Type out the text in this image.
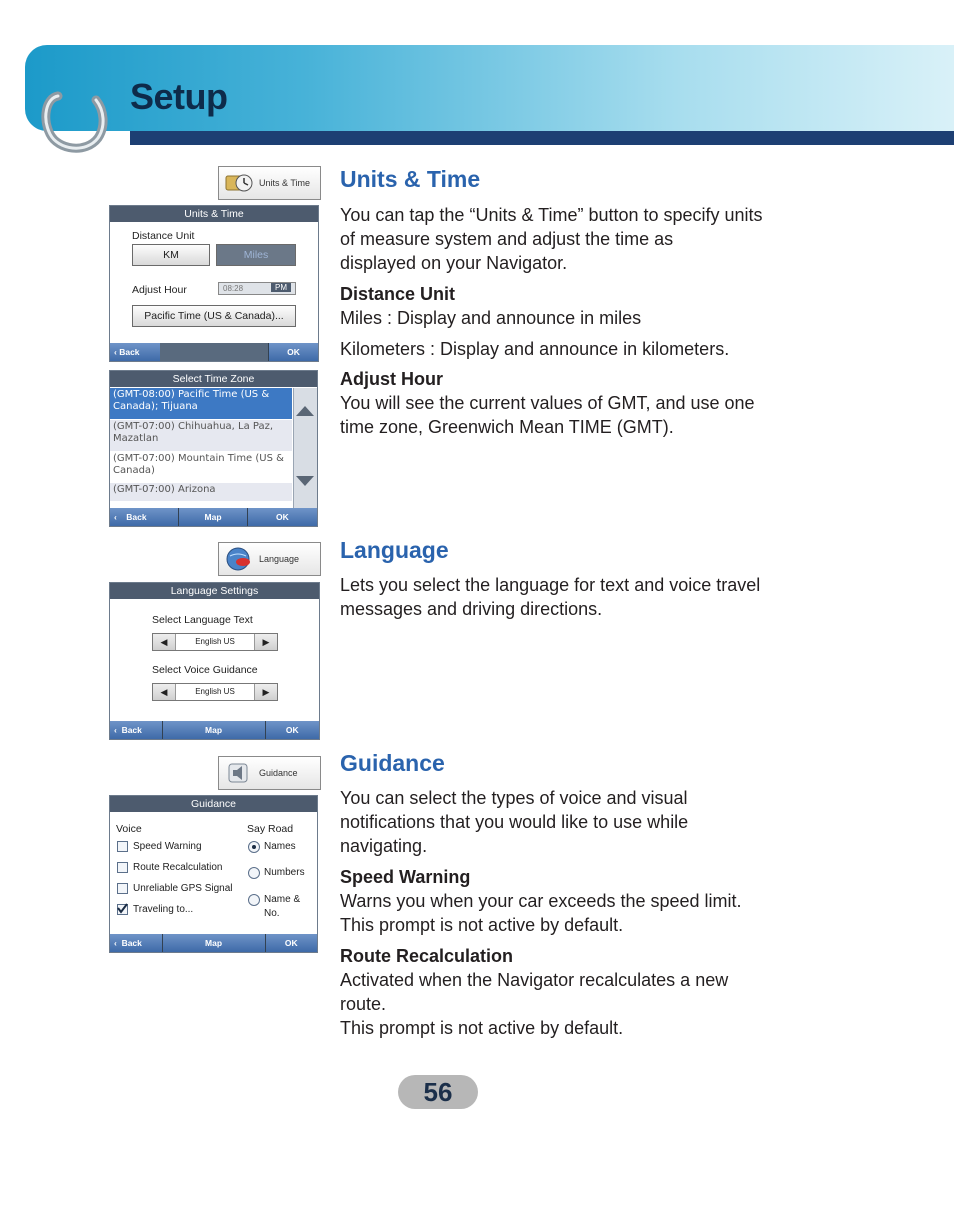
Setup
Units & Time Units & Time
You can tap the “Units & Time” button to specify units
of measure system and adjust the time as
displayed on your Navigator.
Distance Unit
Miles : Display and announce in miles
Kilometers : Display and announce in kilometers.
Adjust Hour
You will see the current values of GMT, and use one
time zone, Greenwich Mean TIME (GMT).
Units & Time
Distance Unit
KM	Miles
Adjust Hour	08:28	PM
Pacific Time (US & Canada)...
‹ Back	OK
Select Time Zone
(GMT-08:00) Pacific Time (US & Canada); Tijuana
(GMT-07:00) Chihuahua, La Paz, Mazatlan
(GMT-07:00) Mountain Time (US & Canada)
(GMT-07:00) Arizona
‹    Back	Map	OK
Language Language
Lets you select the language for text and voice travel
messages and driving directions.
Language Settings
Select Language Text
◀	English US	▶
Select Voice Guidance
◀	English US	▶
‹  Back	Map	OK
Guidance Guidance
You can select the types of voice and visual
notifications that you would like to use while
navigating.
Speed Warning
Warns you when your car exceeds the speed limit.
This prompt is not active by default.
Route Recalculation
Activated when the Navigator recalculates a new
route.
This prompt is not active by default.
Guidance
Voice	Say Road
Speed Warning
Route Recalculation
Unreliable GPS Signal
Traveling to...
Names
Numbers
Name &
No.
‹  Back	Map	OK
56
